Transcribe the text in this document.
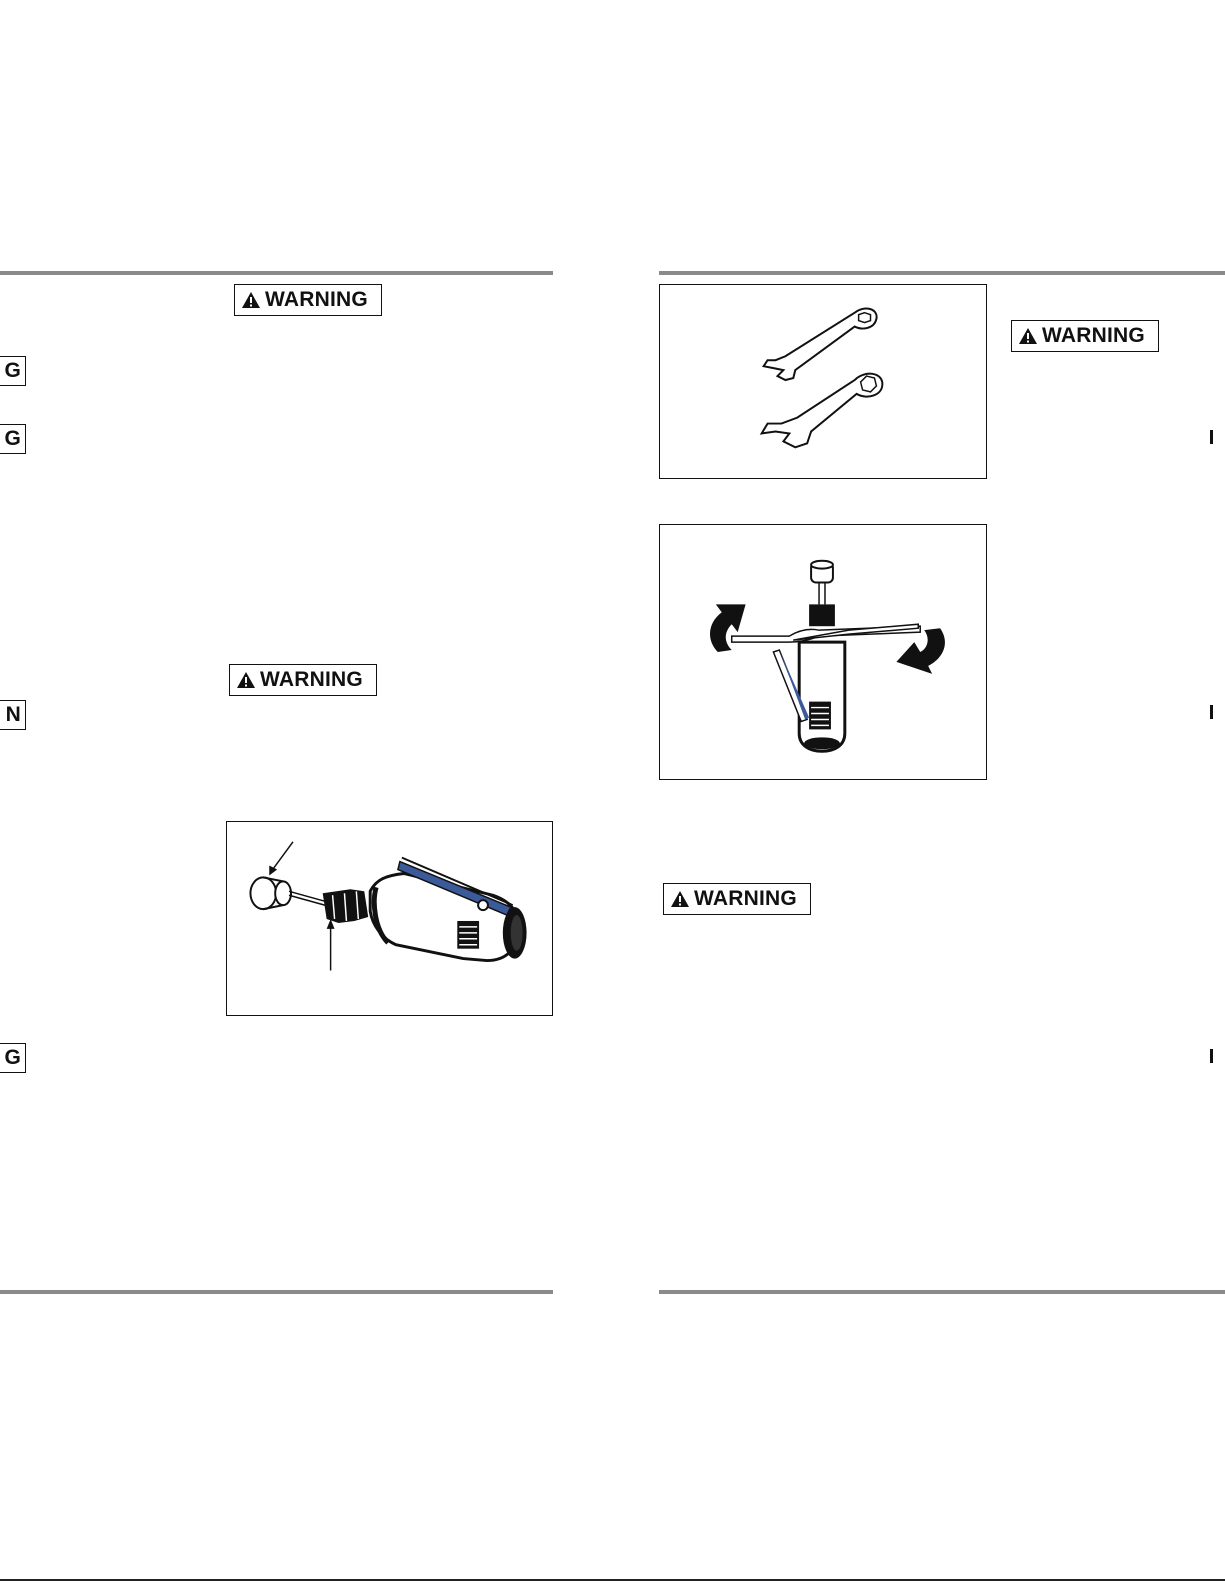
WARNING
WARNING
G
G
N
G
WARNING
WARNING
